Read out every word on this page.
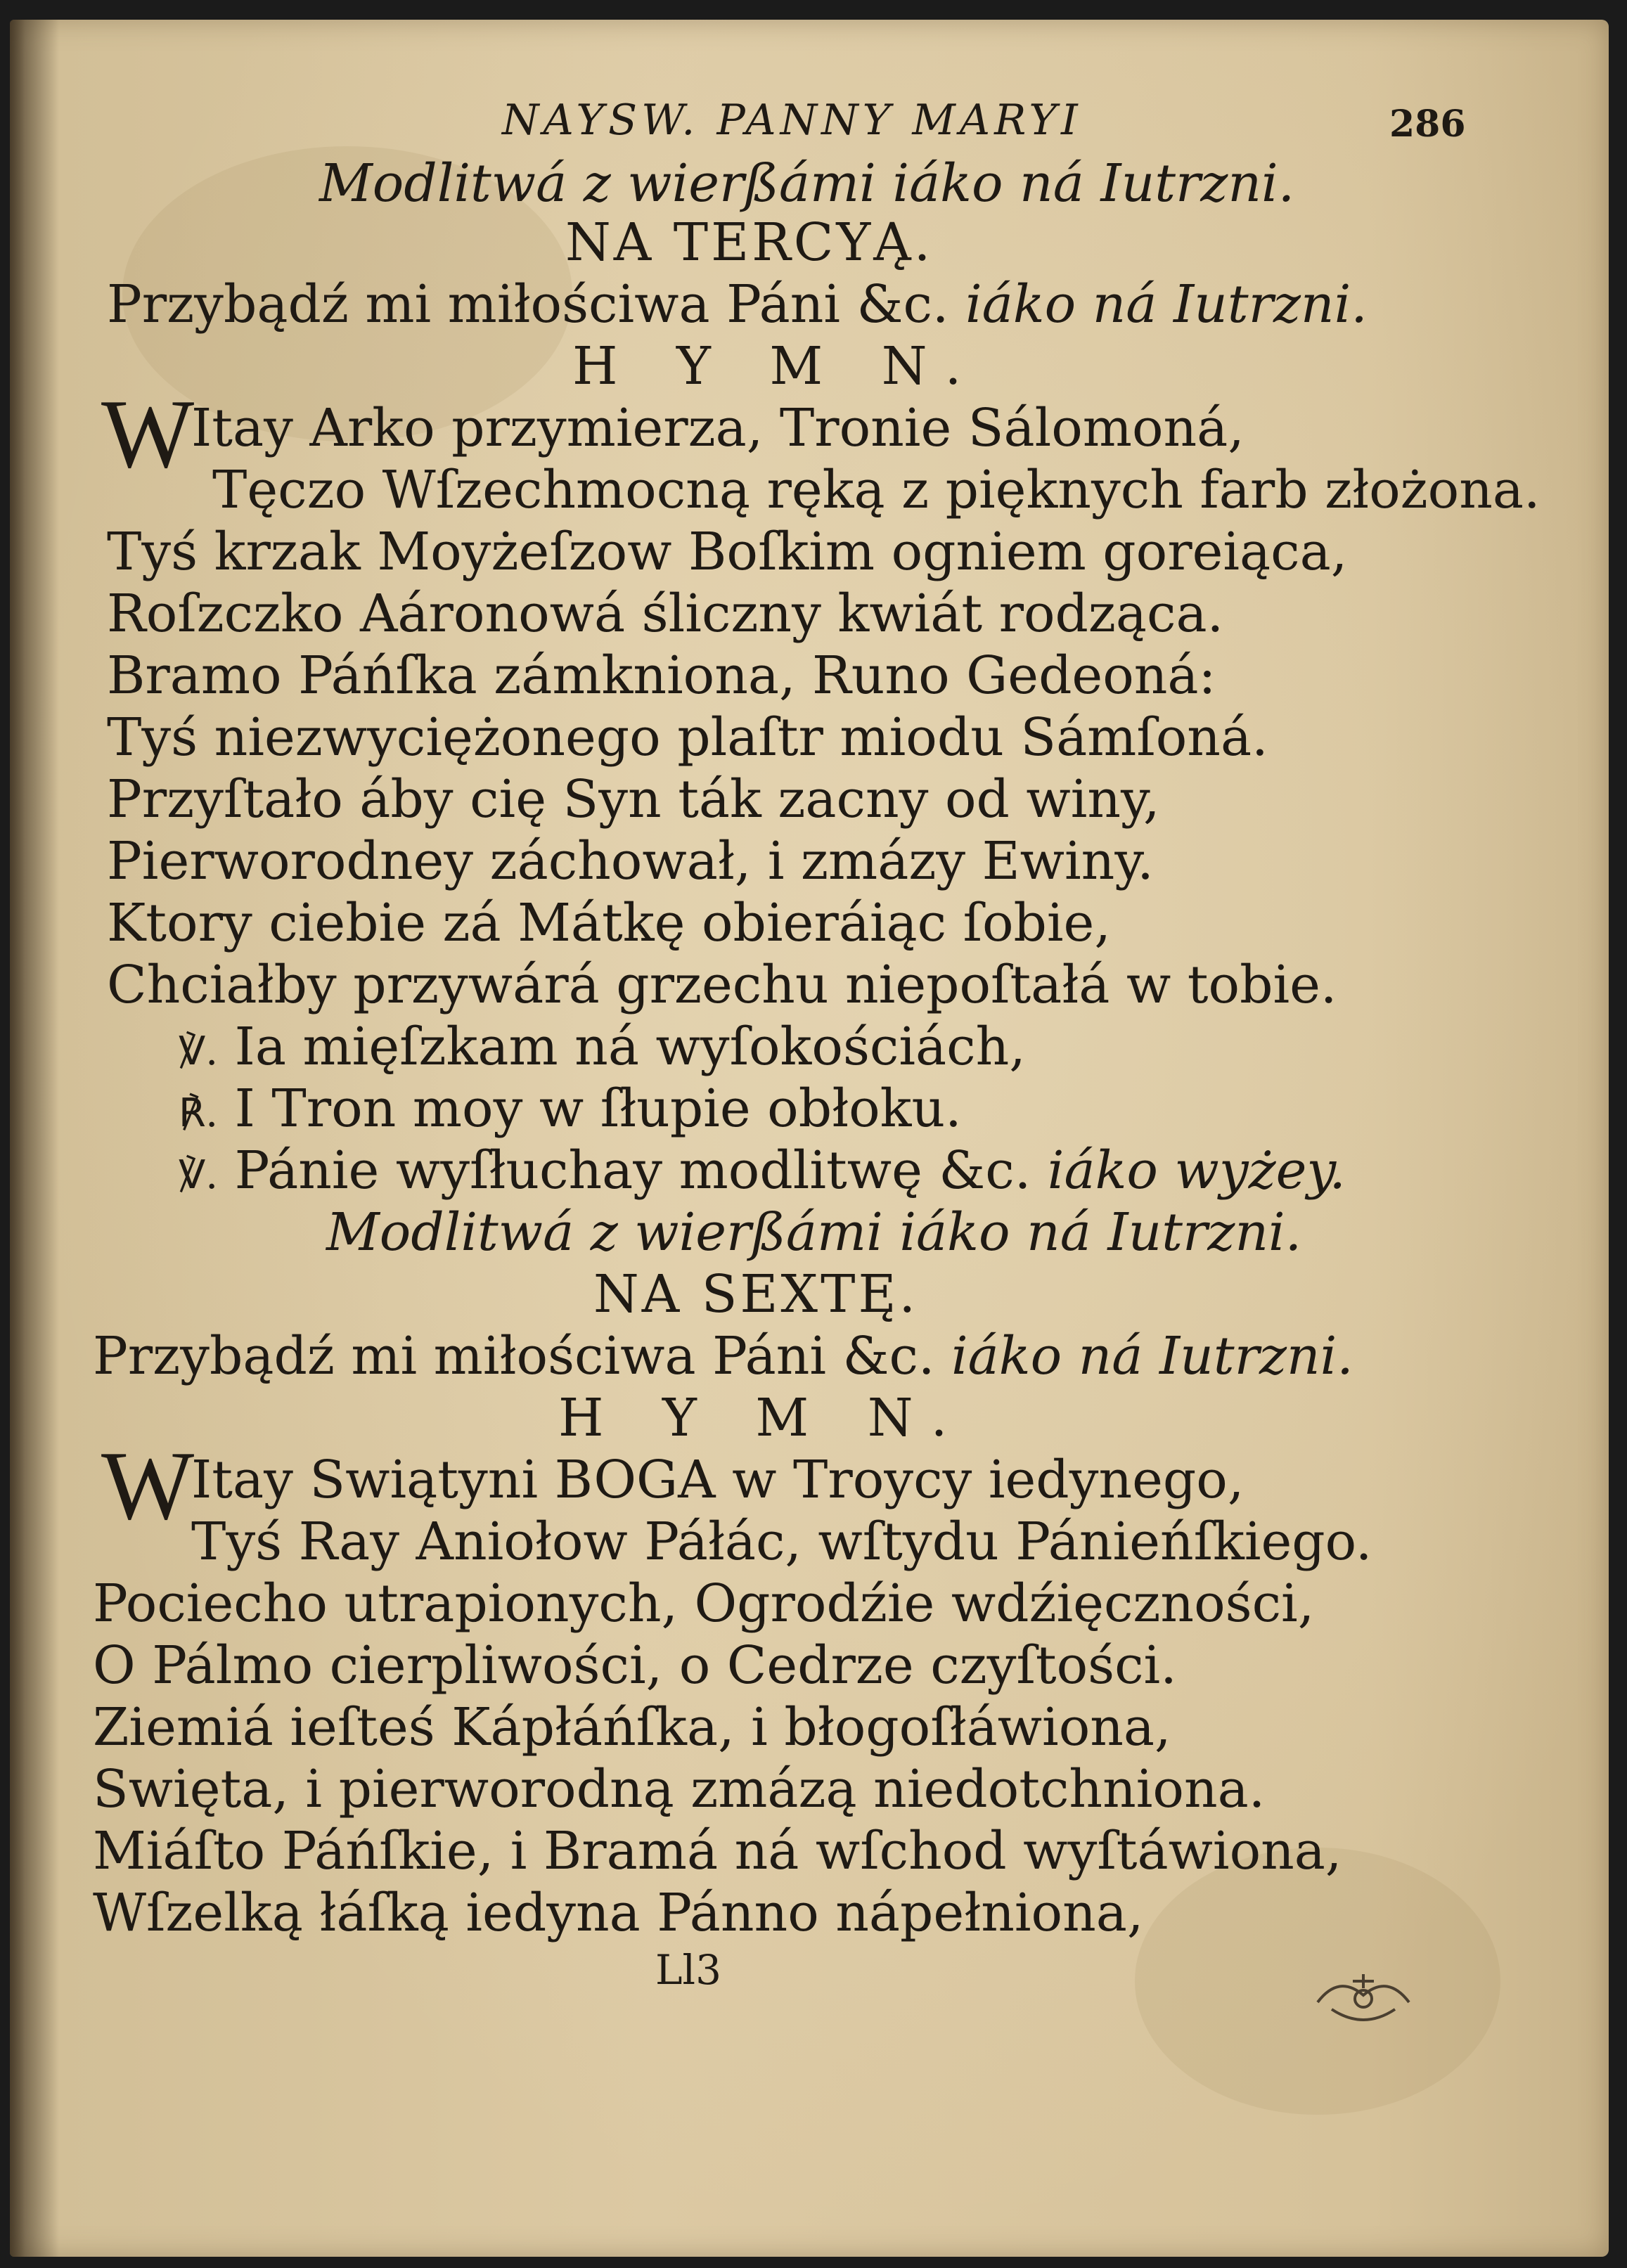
NAYSW. PANNY MARYI	286
Modlitwá z wierßámi iáko ná Iutrzni.
NA TERCYĄ.
Przybądź mi miłościwa Páni &c. iáko ná Iutrzni.
H Y M N.
W
Itay Arko przymierza, Tronie Sálomoná,
Tęczo Wſzechmocną ręką z pięknych farb złożona.
Tyś krzak Moyżeſzow Boſkim ogniem goreiąca,
Roſzczko Aáronowá śliczny kwiát rodząca.
Bramo Páńſka zámkniona, Runo Gedeoná:
Tyś niezwyciężonego plaſtr miodu Sámſoná.
Przyſtało áby cię Syn ták zacny od winy,
Pierworodney záchował, i zmázy Ewiny.
Ktory ciebie zá Mátkę obieráiąc ſobie,
Chciałby przywárá grzechu niepoſtałá w tobie.
℣. Ia mięſzkam ná wyſokościách,
℟. I Tron moy w ſłupie obłoku.
℣. Pánie wyſłuchay modlitwę &c. iáko wyżey.
Modlitwá z wierßámi iáko ná Iutrzni.
NA SEXTĘ.
Przybądź mi miłościwa Páni &c. iáko ná Iutrzni.
H Y M N.
W
Itay Swiątyni BOGA w Troycy iedynego,
Tyś Ray Aniołow Páłác, wſtydu Pánieńſkiego.
Pociecho utrapionych, Ogrodźie wdźięczności,
O Pálmo cierpliwości, o Cedrze czyſtości.
Ziemiá ieſteś Kápłáńſka, i błogoſłáwiona,
Swięta, i pierworodną zmázą niedotchniona.
Miáſto Páńſkie, i Bramá ná wſchod wyſtáwiona,
Wſzelką łáſką iedyna Pánno nápełniona,
Ll3
